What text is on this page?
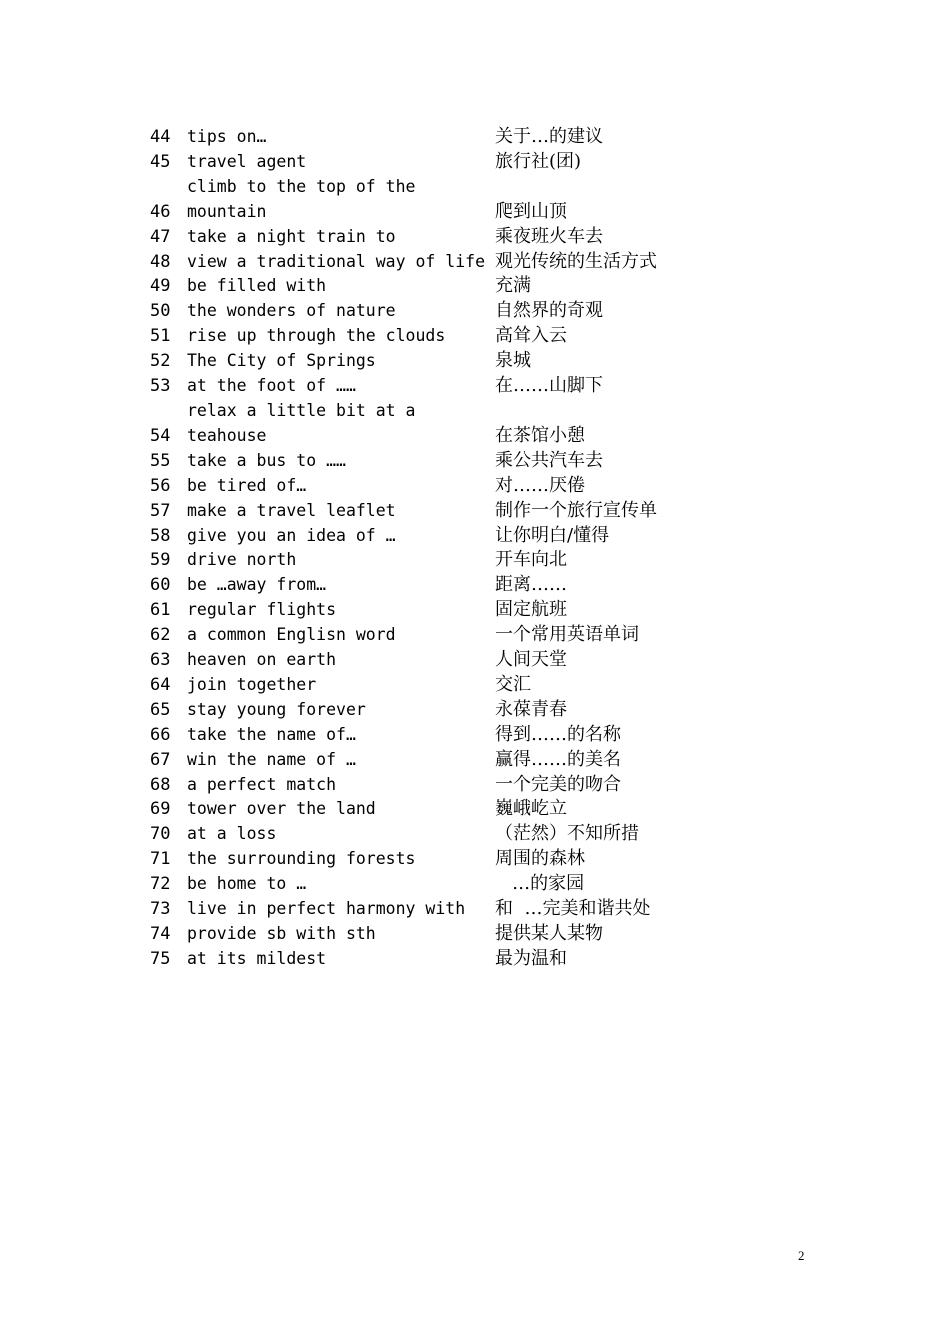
44	tips on…	关于…的建议
45	travel agent	旅行社(团)
46
climb to the top of the
mountain	爬到山顶
47	take a night train to	乘夜班火车去
48	view a traditional way of life 观光传统的生活方式
49	be filled with	充满
50	the wonders of nature	自然界的奇观
51	rise up through the clouds	高耸入云
52	The City of Springs	泉城
53	at the foot of ……	在……山脚下
54
relax a little bit at a
teahouse	在茶馆小憩
55	take a bus to ……	乘公共汽车去
56	be tired of…	对……厌倦
57	make a travel leaflet	制作一个旅行宣传单
58	give you an idea of …	让你明白/懂得
59	drive north	开车向北
60	be …away from…	距离……
61	regular flights	固定航班
62	a common Englisn word	一个常用英语单词
63	heaven on earth	人间天堂
64	join together	交汇
65	stay young forever	永葆青春
66	take the name of…	得到……的名称
67	win the name of …	赢得……的美名
68	a perfect match	一个完美的吻合
69	tower over the land	巍峨屹立
70	at a loss	（茫然）不知所措
71	the surrounding forests	周围的森林
72	be home to …	…的家园
73	live in perfect harmony with	和  …完美和谐共处
74	provide sb with sth	提供某人某物
75	at its mildest	最为温和
2
